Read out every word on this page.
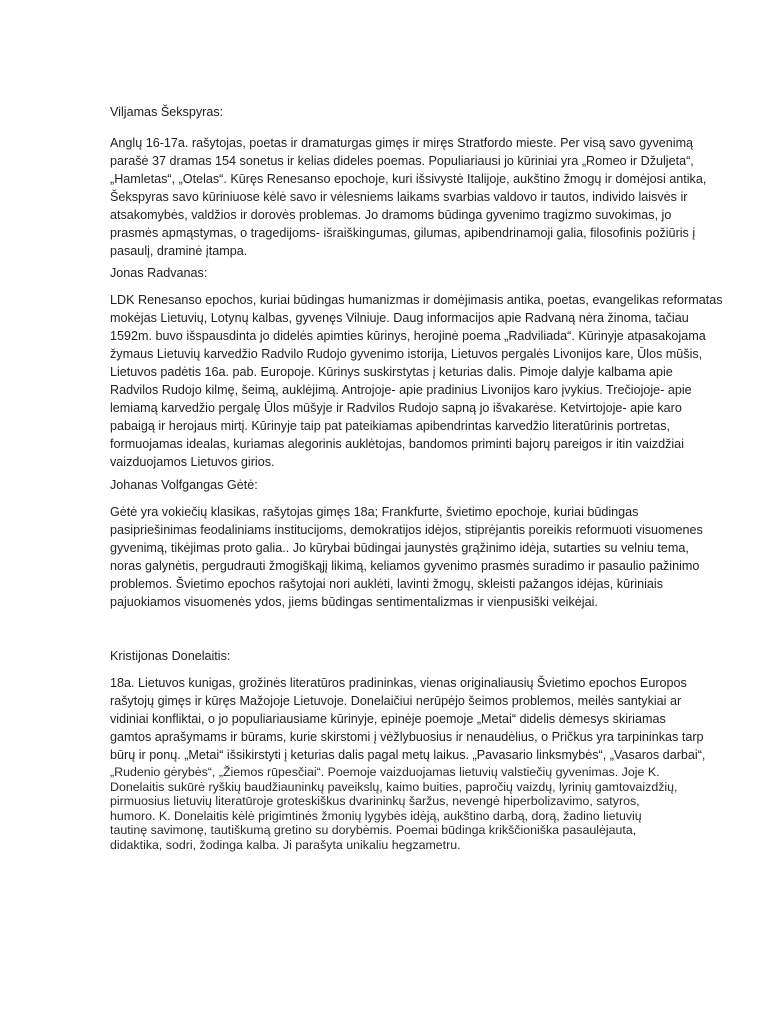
Viljamas Šekspyras:

Anglų 16-17a. rašytojas, poetas ir dramaturgas gimęs ir miręs Stratfordo mieste. Per visą savo gyvenimą
parašė 37 dramas 154 sonetus ir kelias dideles poemas. Populiariausi jo kūriniai yra „Romeo ir Džuljeta“,
„Hamletas“, „Otelas“. Kūręs Renesanso epochoje, kuri išsivystė Italijoje, aukštino žmogų ir domėjosi antika,
Šekspyras savo kūriniuose kėlė savo ir vėlesniems laikams svarbias valdovo ir tautos, individo laisvės ir
atsakomybės, valdžios ir dorovės problemas. Jo dramoms būdinga gyvenimo tragizmo suvokimas, jo
prasmės apmąstymas, o tragedijoms- išraiškingumas, gilumas, apibendrinamoji galia, filosofinis požiūris į
pasaulį, draminė įtampa.

Jonas Radvanas:

LDK Renesanso epochos, kuriai būdingas humanizmas ir domėjimasis antika, poetas, evangelikas reformatas
mokėjas Lietuvių, Lotynų kalbas, gyvenęs Vilniuje. Daug informacijos apie Radvaną nėra žinoma, tačiau
1592m. buvo išspausdinta jo didelės apimties kūrinys, herojinė poema „Radviliada“. Kūrinyje atpasakojama
žymaus Lietuvių karvedžio Radvilo Rudojo gyvenimo istorija, Lietuvos pergalės Livonijos kare, Ūlos mūšis,
Lietuvos padėtis 16a. pab. Europoje. Kūrinys suskirstytas į keturias dalis. Pimoje dalyje kalbama apie
Radvilos Rudojo kilmę, šeimą, auklėjimą. Antrojoje- apie pradinius Livonijos karo įvykius. Trečiojoje- apie
lemiamą karvedžio pergalę Ūlos mūšyje ir Radvilos Rudojo sapną jo išvakarėse. Ketvirtojoje- apie karo
pabaigą ir herojaus mirtį. Kūrinyje taip pat pateikiamas apibendrintas karvedžio literatūrinis portretas,
formuojamas idealas, kuriamas alegorinis auklėtojas, bandomos priminti bajorų pareigos ir itin vaizdžiai
vaizduojamos Lietuvos girios.

Johanas Volfgangas Gėtė:

Gėtė yra vokiečių klasikas, rašytojas gimęs 18a; Frankfurte, švietimo epochoje, kuriai būdingas
pasipriešinimas feodaliniams institucijoms, demokratijos idėjos, stiprėjantis poreikis reformuoti visuomenes
gyvenimą, tikėjimas proto galia.. Jo kūrybai būdingai jaunystės grąžinimo idėja, sutarties su velniu tema,
noras galynėtis, pergudrauti žmogiškąjį likimą, keliamos gyvenimo prasmės suradimo ir pasaulio pažinimo
problemos. Švietimo epochos rašytojai nori auklėti, lavinti žmogų, skleisti pažangos idėjas, kūriniais
pajuokiamos visuomenės ydos, jiems būdingas sentimentalizmas ir vienpusiški veikėjai.

Kristijonas Donelaitis:

18a. Lietuvos kunigas, grožinės literatūros pradininkas, vienas originaliausių Švietimo epochos Europos
rašytojų gimęs ir kūręs Mažojoje Lietuvoje. Donelaičiui nerūpėjo šeimos problemos, meilės santykiai ar
vidiniai konfliktai, o jo populiariausiame kūrinyje, epinėje poemoje „Metai“ didelis dėmesys skiriamas
gamtos aprašymams ir būrams, kurie skirstomi į vėžlybuosius ir nenaudėlius, o Pričkus yra tarpininkas tarp
būrų ir ponų. „Metai“ išsikirstyti į keturias dalis pagal metų laikus. „Pavasario linksmybės“, „Vasaros darbai“,
„Rudenio gėrybės“, „Žiemos rūpesčiai“. Poemoje vaizduojamas lietuvių valstiečių gyvenimas. Joje K.
Donelaitis sukūrė ryškių baudžiauninkų paveikslų, kaimo buities, papročių vaizdų, lyrinių gamtovaizdžių,
pirmuosius lietuvių literatūroje groteskiškus dvarininkų šaržus, nevengė hiperbolizavimo, satyros,
humoro. K. Donelaitis kėlė prigimtinės žmonių lygybės idėją, aukštino darbą, dorą, žadino lietuvių
tautinę savimonę, tautiškumą gretino su dorybėmis. Poemai būdinga krikščioniška pasaulėjauta,
didaktika, sodri, žodinga kalba. Ji parašyta unikaliu hegzametru.
